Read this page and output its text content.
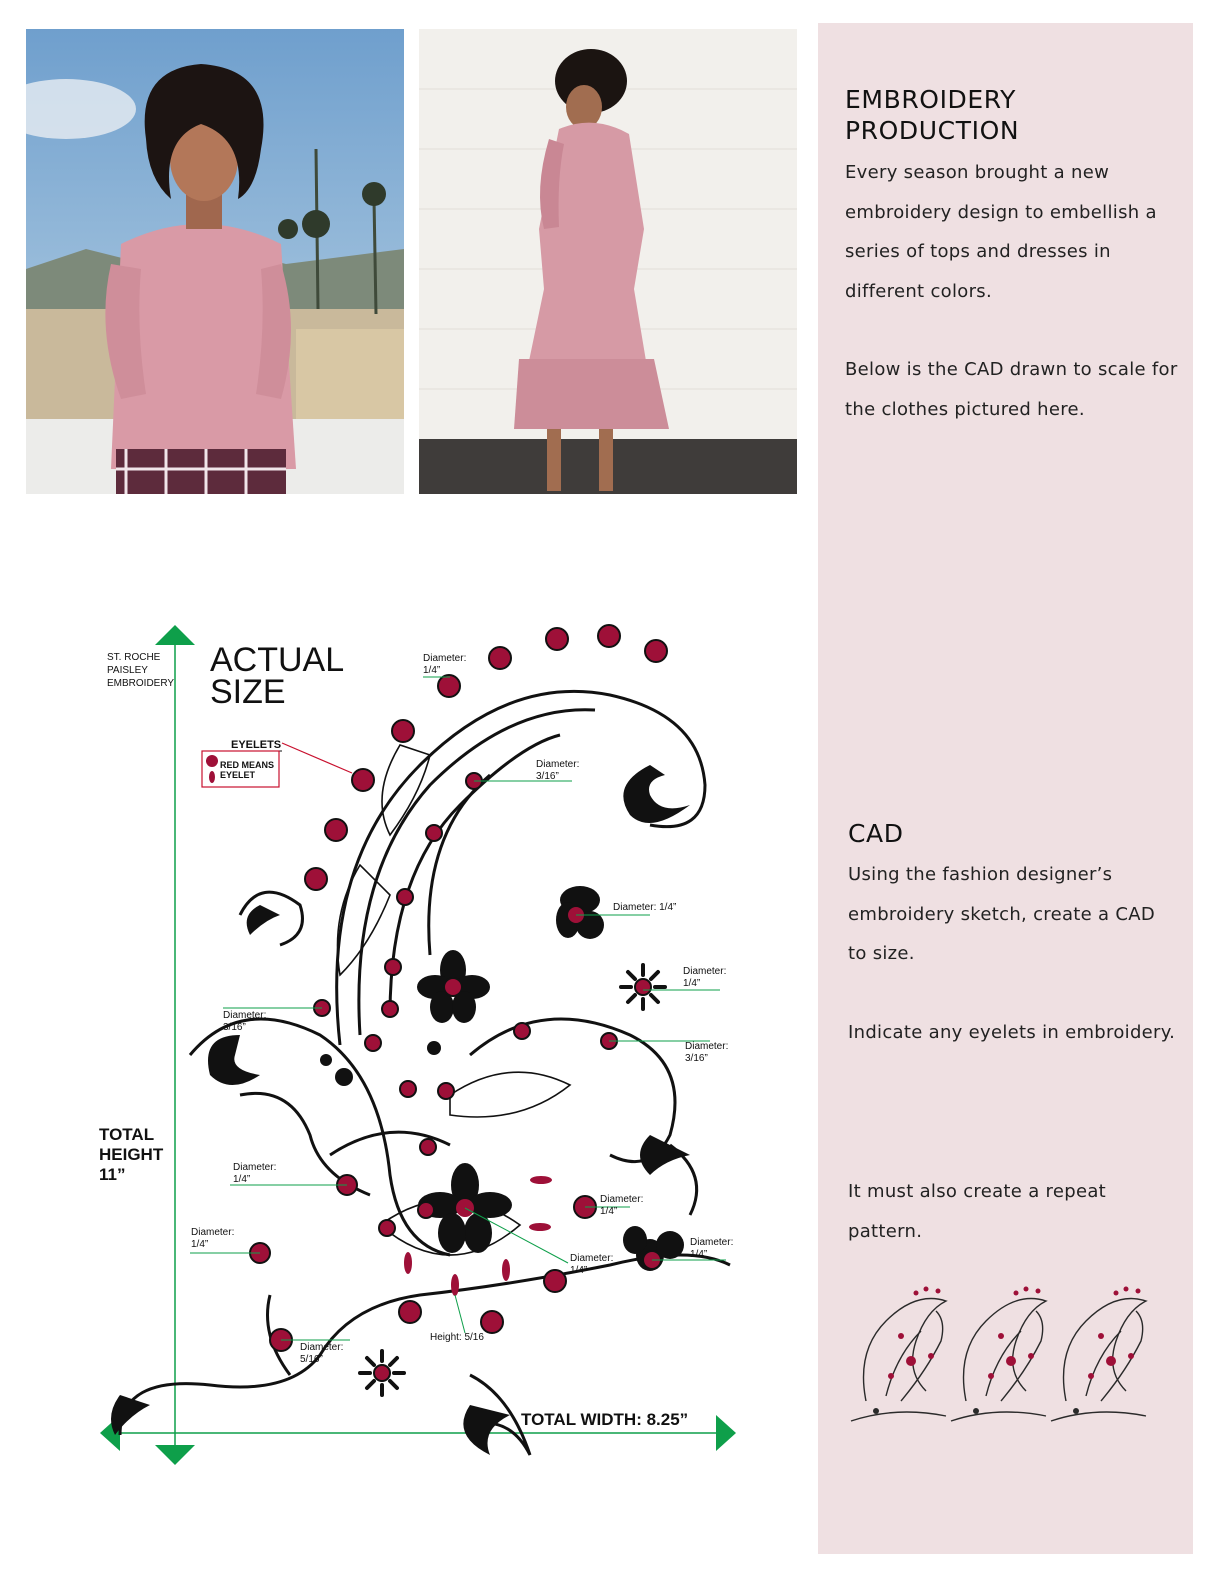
EMBROIDERY
PRODUCTION

Every season brought a new embroidery design to embellish a series of tops and dresses in different colors.

Below is the CAD drawn to scale for the clothes pictured here.

CAD

Using the fashion designer’s embroidery sketch, create a CAD to size.

Indicate any eyelets in embroidery.

It must also create a repeat pattern.

ST. ROCHE
PAISLEY
EMBROIDERY
ACTUAL
SIZE
EYELETS
RED MEANS
EYELET
TOTAL
HEIGHT
11”
TOTAL WIDTH: 8.25”
Diameter:
1/4”
Diameter:
3/16”
Diameter: 1/4”
Diameter:
1/4”
Diameter:
3/16”
Diameter:
3/16”
Diameter:
1/4”
Diameter:
1/4”
Diameter:
1/4”
Diameter:
1/4”
Diameter:
1/4”
Diameter:
5/16”
Height: 5/16
